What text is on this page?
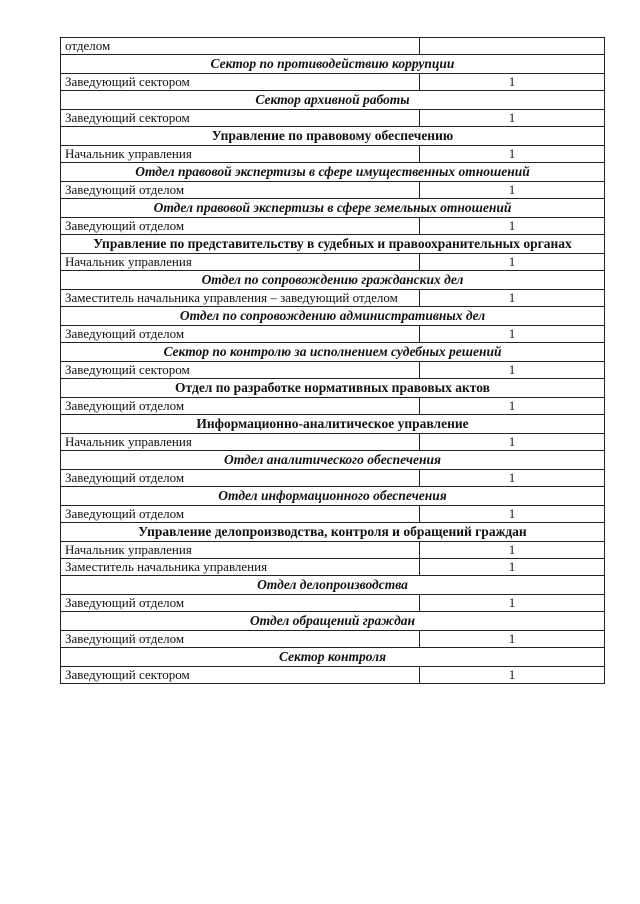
отделом	
Сектор по противодействию коррупции	
Заведующий сектором	1
Сектор архивной работы	
Заведующий сектором	1
Управление по правовому обеспечению	
Начальник управления	1
Отдел правовой экспертизы в сфере имущественных отношений	
Заведующий отделом	1
Отдел правовой экспертизы в сфере земельных отношений	
Заведующий отделом	1
Управление по представительству в судебных и правоохранительных органах	
Начальник управления	1
Отдел по сопровождению гражданских дел	
Заместитель начальника управления – заведующий отделом	1
Отдел по сопровождению административных дел	
Заведующий отделом	1
Сектор по контролю за исполнением судебных решений	
Заведующий сектором	1
Отдел по разработке нормативных правовых актов	
Заведующий отделом	1
Информационно-аналитическое управление	
Начальник управления	1
Отдел аналитического обеспечения	
Заведующий отделом	1
Отдел информационного обеспечения	
Заведующий отделом	1
Управление делопроизводства, контроля и обращений граждан	
Начальник управления	1
Заместитель начальника управления	1
Отдел делопроизводства	
Заведующий отделом	1
Отдел обращений граждан	
Заведующий отделом	1
Сектор контроля	
Заведующий сектором	1
